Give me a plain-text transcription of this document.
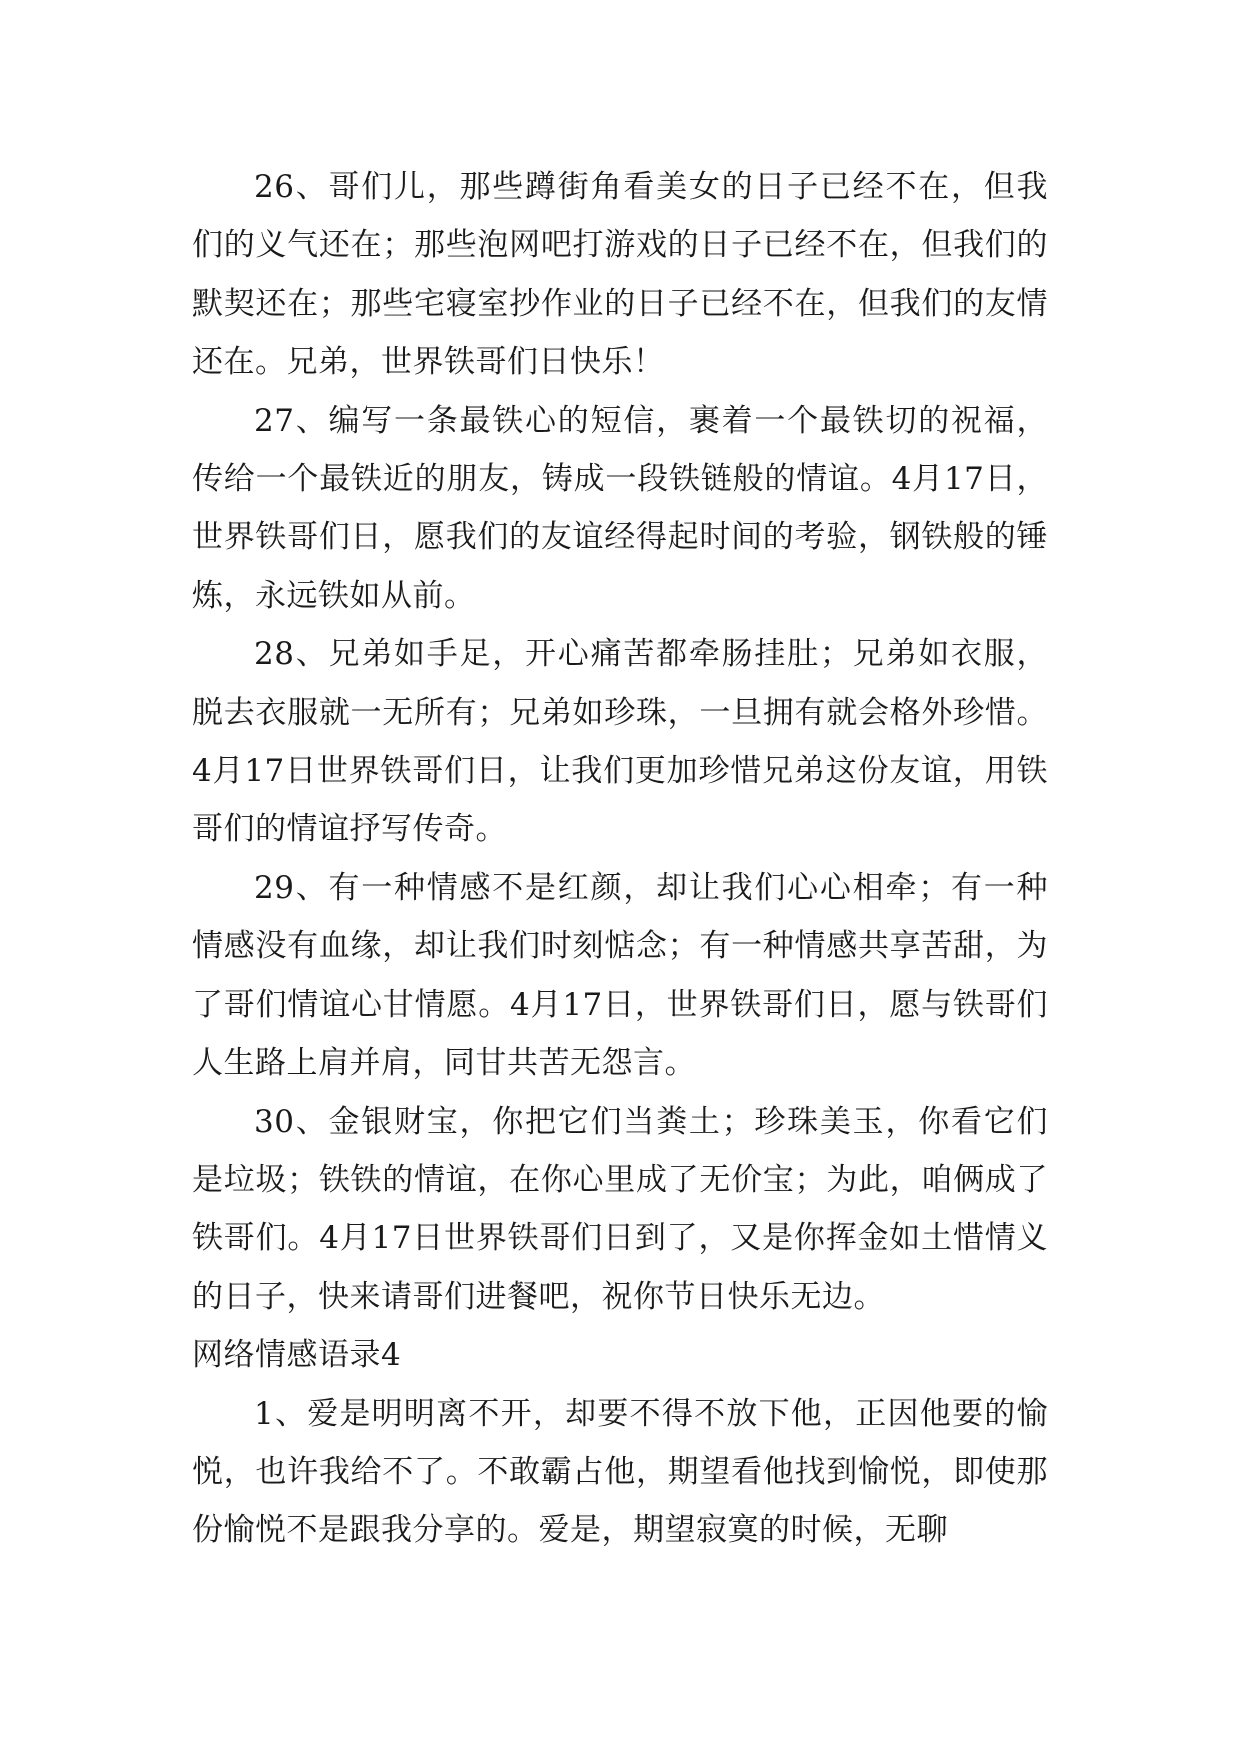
26、哥们儿，那些蹲街角看美女的日子已经不在，但我们的义气还在；那些泡网吧打游戏的日子已经不在，但我们的默契还在；那些宅寝室抄作业的日子已经不在，但我们的友情还在。兄弟，世界铁哥们日快乐！

27、编写一条最铁心的短信，裹着一个最铁切的祝福，传给一个最铁近的朋友，铸成一段铁链般的情谊。4月17日，世界铁哥们日，愿我们的友谊经得起时间的考验，钢铁般的锤炼，永远铁如从前。

28、兄弟如手足，开心痛苦都牵肠挂肚；兄弟如衣服，脱去衣服就一无所有；兄弟如珍珠，一旦拥有就会格外珍惜。4月17日世界铁哥们日，让我们更加珍惜兄弟这份友谊，用铁哥们的情谊抒写传奇。

29、有一种情感不是红颜，却让我们心心相牵；有一种情感没有血缘，却让我们时刻惦念；有一种情感共享苦甜，为了哥们情谊心甘情愿。4月17日，世界铁哥们日，愿与铁哥们人生路上肩并肩，同甘共苦无怨言。

30、金银财宝，你把它们当粪土；珍珠美玉，你看它们是垃圾；铁铁的情谊，在你心里成了无价宝；为此，咱俩成了铁哥们。4月17日世界铁哥们日到了，又是你挥金如土惜情义的日子，快来请哥们进餐吧，祝你节日快乐无边。

网络情感语录4

1、爱是明明离不开，却要不得不放下他，正因他要的愉悦，也许我给不了。不敢霸占他，期望看他找到愉悦，即使那份愉悦不是跟我分享的。爱是，期望寂寞的时候，无聊
